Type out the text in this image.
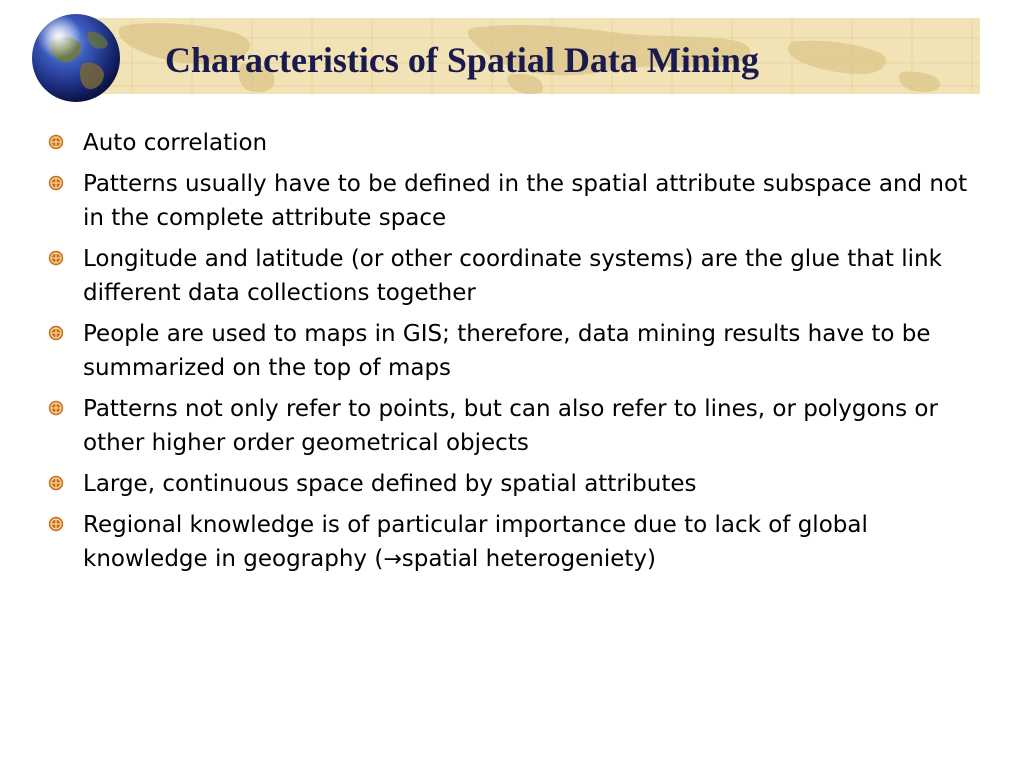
Characteristics of Spatial Data Mining
Auto correlation
Patterns usually have to be defined in the spatial attribute subspace and not in the complete attribute space
Longitude and latitude (or other coordinate systems) are the glue that link different data collections together
People are used to maps in GIS; therefore, data mining results have to be summarized on the top of maps
Patterns not only refer to points, but can also refer to lines, or polygons or other higher order geometrical objects
Large, continuous space defined by spatial attributes
Regional knowledge is of particular importance due to lack of global knowledge in geography (→spatial heterogeniety)
